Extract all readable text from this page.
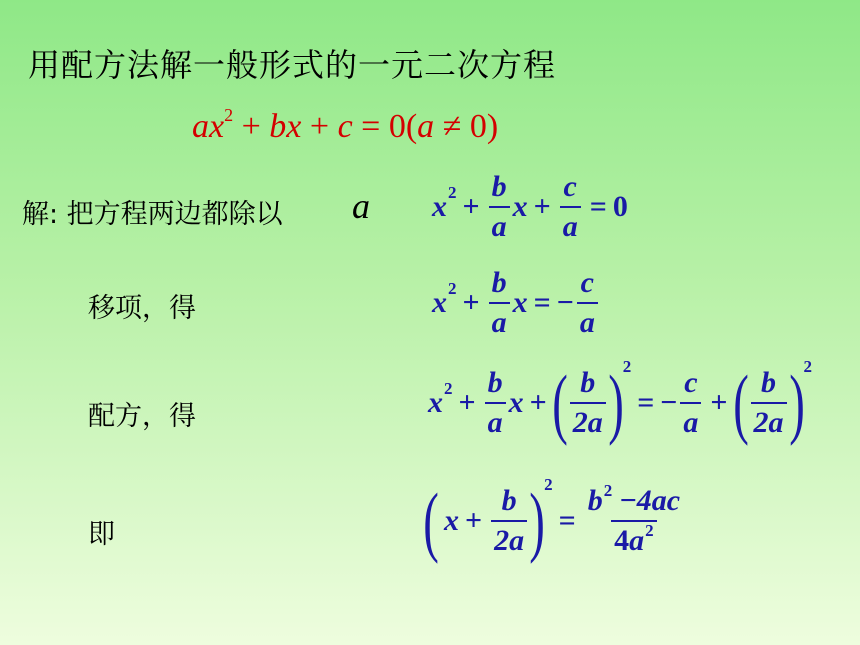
用配方法解一般形式的一元二次方程
$ax^2$ + bx + c = 0(a ≠ 0)
解: 把方程两边都除以 a x $2 + \frac{b}{a}$ $x + \frac{c}{a} = 0$
移项，得	x $2 + \frac{b}{a}$ x = − $\frac{c}{a}$
配方，得	x $2 + \frac{b}{a}$ x + ( $\frac{b}{2a}$ ) 2
= − $\frac{c}{a}$ + ( $\frac{b}{2a}$ ) 2
即	( $x + \frac{b}{2a}$ ) 2
= $\frac{b^2 -4ac}{4a^2}$
